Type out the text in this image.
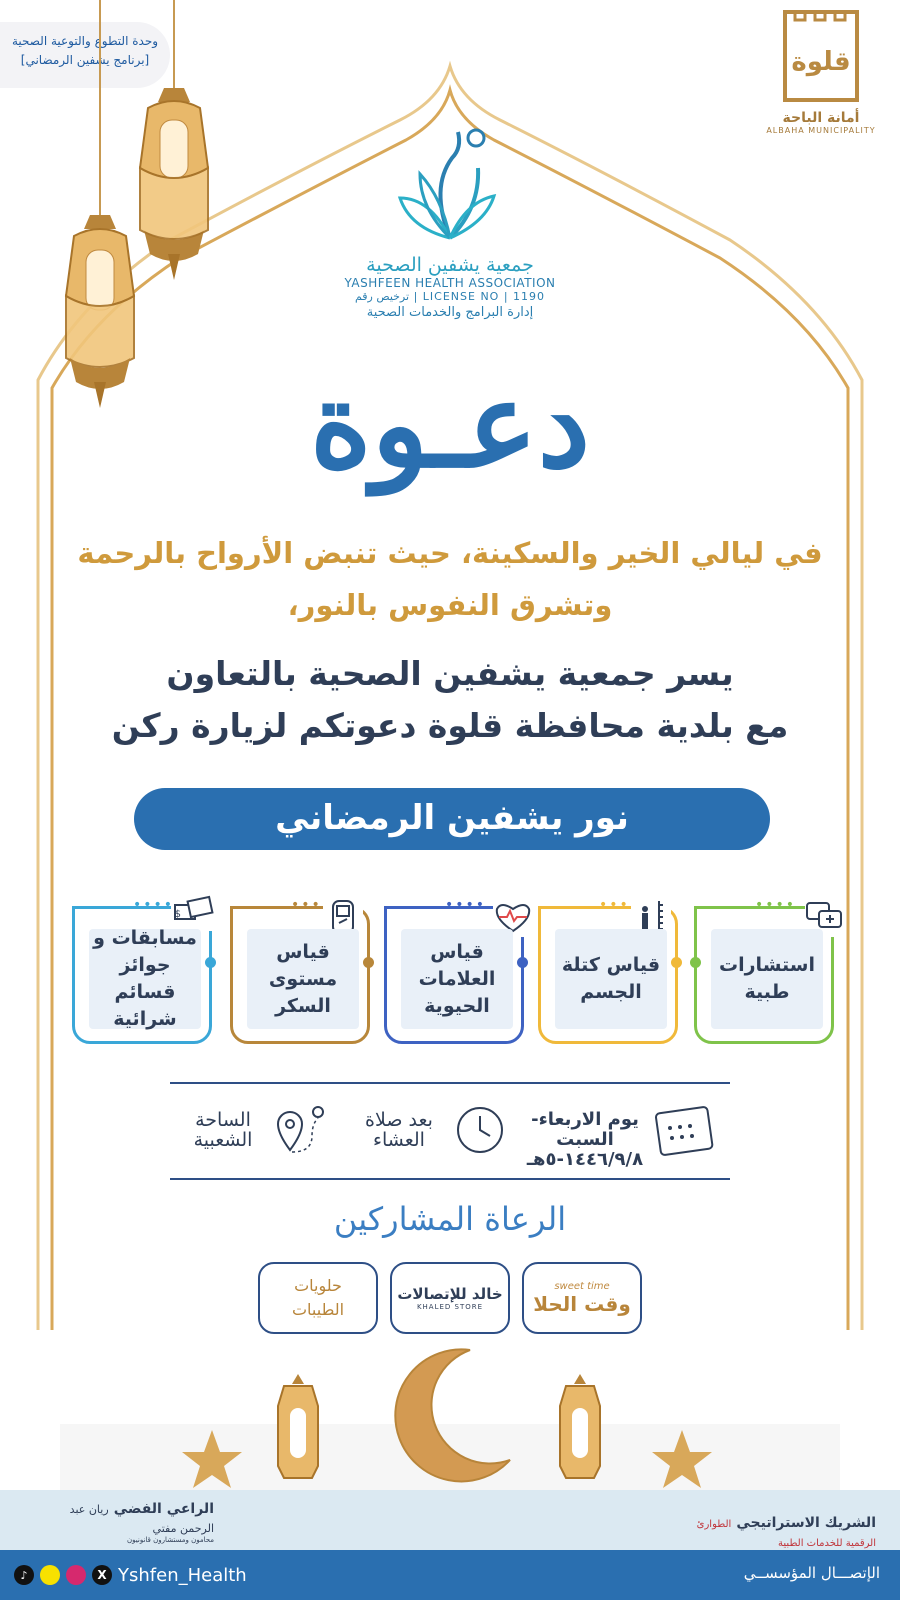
وحدة التطوع والتوعية الصحية
[برنامج يشفين الرمضاني]	قلوة
أمانة الباحة
ALBAHA MUNICIPALITY
جمعية يشفين الصحية
YASHFEEN HEALTH ASSOCIATION
LICENSE NO | 1190 | ترخيص رقم
إدارة البرامج والخدمات الصحية
دعـوة
في ليالي الخير والسكينة، حيث تنبض الأرواح بالرحمة
وتشرق النفوس بالنور،
يسر جمعية يشفين الصحية بالتعاون
مع بلدية محافظة قلوة دعوتكم لزيارة ركن
نور يشفين الرمضاني
••••
استشارات طبية
••••
قياس كتلة الجسم
••••
قياس العلامات الحيوية
••••
قياس مستوى السكر
••••
$
مسابقات و جوائز قسائم شرائية
يوم الاربعاء-السبت
١٤٤٦/٩/٨-٥هـ
بعد صلاة
العشاء
الساحة
الشعبية
الرعاة المشاركين
sweet time
وقت الحلا
خالد للإتصالات
KHALED STORE
حلويات الطيبات
الشريك الاستراتيجي الطوارئ الرقمية للخدمات الطبية
الراعي الفضي ريان عبد الرحمن مفتي
محامون ومستشارون قانونيون
♪	X Yshfen_Health	الإتصـــال المؤسســي
